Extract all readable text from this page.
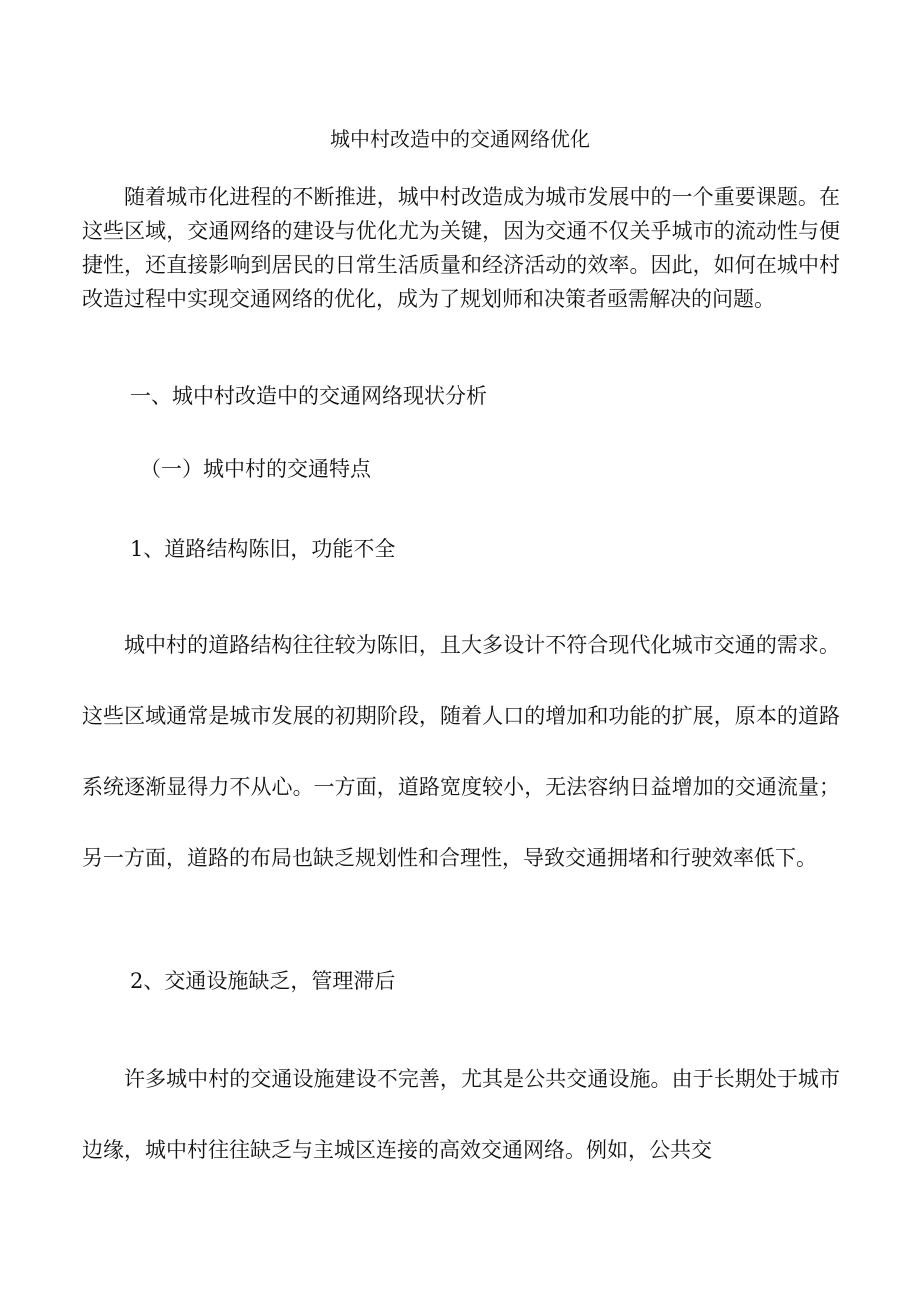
城中村改造中的交通网络优化
随着城市化进程的不断推进，城中村改造成为城市发展中的一个重要课题。在这些区域，交通网络的建设与优化尤为关键，因为交通不仅关乎城市的流动性与便捷性，还直接影响到居民的日常生活质量和经济活动的效率。因此，如何在城中村改造过程中实现交通网络的优化，成为了规划师和决策者亟需解决的问题。
一、城中村改造中的交通网络现状分析
（一）城中村的交通特点
1、道路结构陈旧，功能不全
城中村的道路结构往往较为陈旧，且大多设计不符合现代化城市交通的需求。这些区域通常是城市发展的初期阶段，随着人口的增加和功能的扩展，原本的道路系统逐渐显得力不从心。一方面，道路宽度较小，无法容纳日益增加的交通流量；另一方面，道路的布局也缺乏规划性和合理性，导致交通拥堵和行驶效率低下。
2、交通设施缺乏，管理滞后
许多城中村的交通设施建设不完善，尤其是公共交通设施。由于长期处于城市边缘，城中村往往缺乏与主城区连接的高效交通网络。例如，公共交
